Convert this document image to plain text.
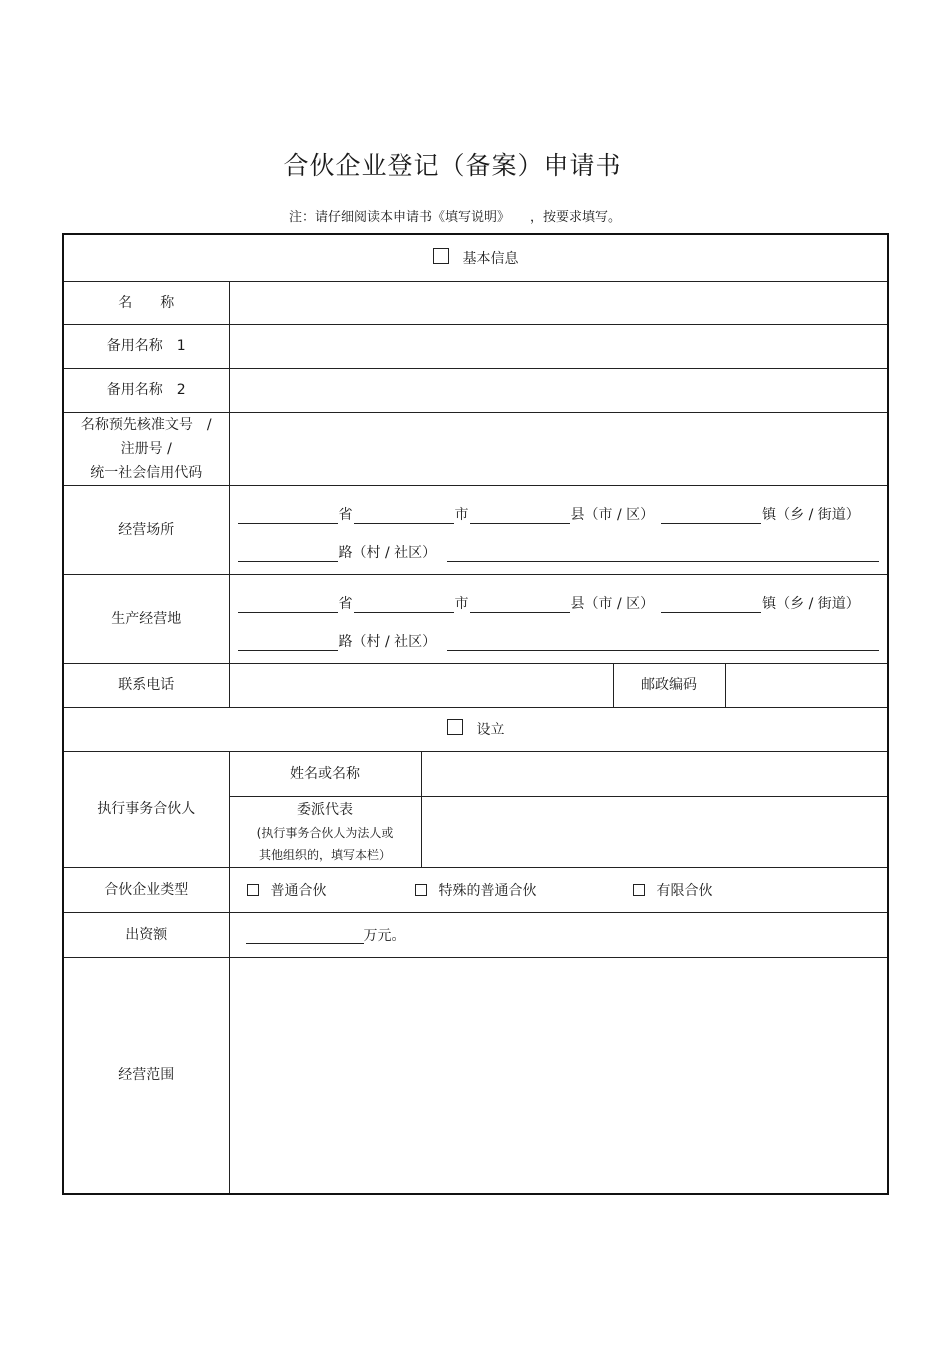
合伙企业登记（备案）申请书
注：请仔细阅读本申请书《填写说明》 ，按要求填写。
基本信息				
名　　称				
备用名称　1				
备用名称　2				

名称预先核准文号　/
注册号 /
统一社会信用代码				

经营场所	省 市 县（市 / 区） 镇（乡 / 街道）
路（村 / 社区）			

生产经营地	省 市 县（市 / 区） 镇（乡 / 街道）
路（村 / 社区）			

联系电话			邮政编码	
设立				
执行事务合伙人	姓名或名称			

	委派代表
(执行事务合伙人为法人或
其他组织的，填写本栏）			

合伙企业类型	普通合伙 特殊的普通合伙 有限合伙			

出资额	万元。			

经营范围				
